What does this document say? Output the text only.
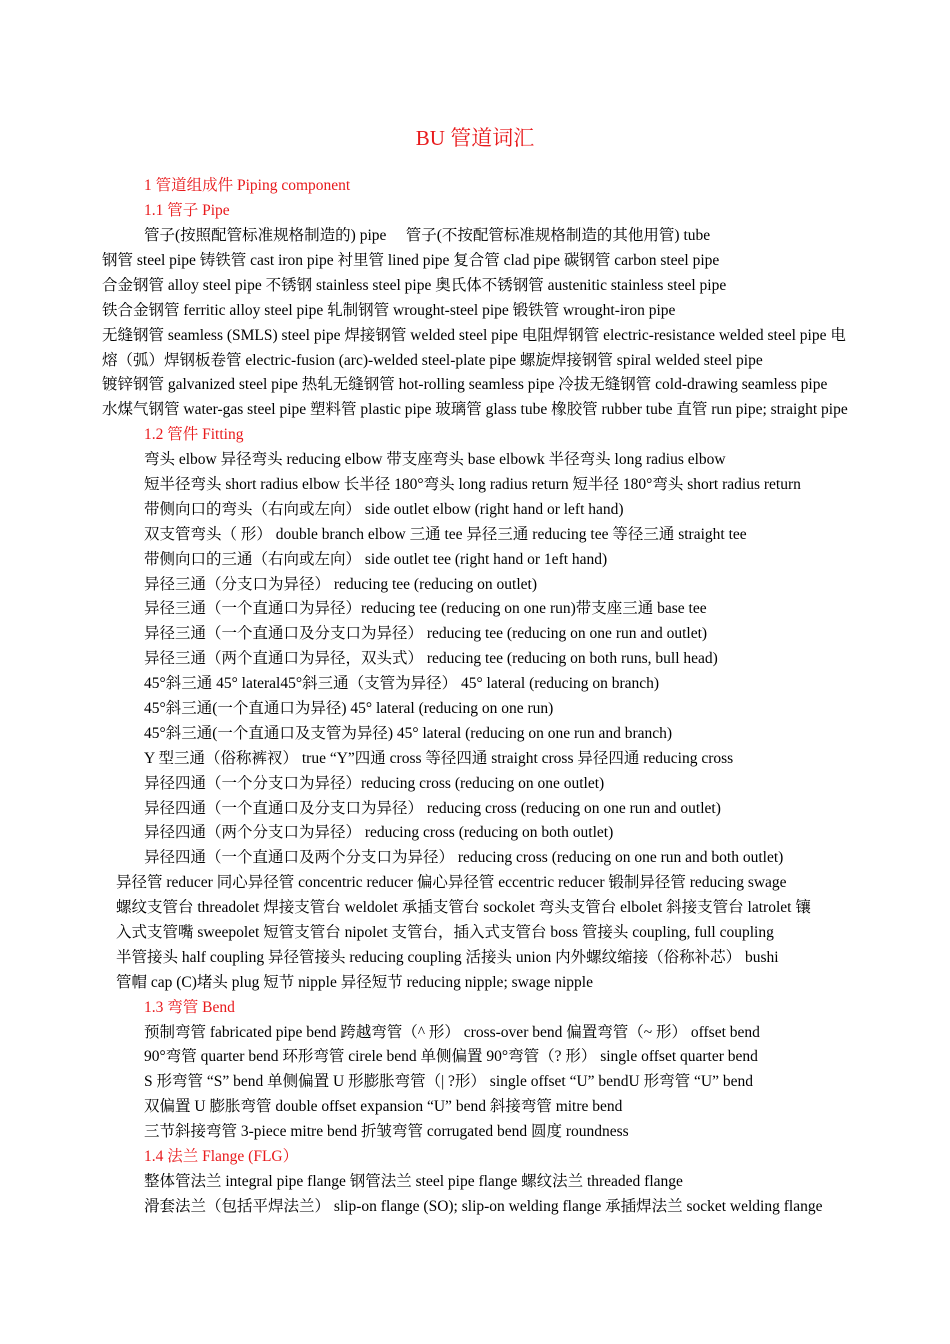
BU 管道词汇
1 管道组成件 Piping component
1.1 管子 Pipe
管子(按照配管标准规格制造的) pipe　 管子(不按配管标准规格制造的其他用管) tube
钢管 steel pipe 铸铁管 cast iron pipe 衬里管 lined pipe 复合管 clad pipe 碳钢管 carbon steel pipe
合金钢管 alloy steel pipe 不锈钢 stainless steel pipe 奥氏体不锈钢管 austenitic stainless steel pipe
铁合金钢管 ferritic alloy steel pipe 轧制钢管 wrought-steel pipe 锻铁管 wrought-iron pipe
无缝钢管 seamless (SMLS) steel pipe 焊接钢管 welded steel pipe 电阻焊钢管 electric-resistance welded steel pipe 电
熔（弧）焊钢板卷管 electric-fusion (arc)-welded steel-plate pipe 螺旋焊接钢管 spiral welded steel pipe
镀锌钢管 galvanized steel pipe 热轧无缝钢管 hot-rolling seamless pipe 冷拔无缝钢管 cold-drawing seamless pipe
水煤气钢管 water-gas steel pipe 塑料管 plastic pipe 玻璃管 glass tube 橡胶管 rubber tube 直管 run pipe; straight pipe
1.2 管件 Fitting
弯头 elbow 异径弯头 reducing elbow 带支座弯头 base elbowk 半径弯头 long radius elbow
短半径弯头 short radius elbow 长半径 180°弯头 long radius return 短半径 180°弯头 short radius return
带侧向口的弯头（右向或左向） side outlet elbow (right hand or left hand)
双支管弯头（ 形） double branch elbow 三通 tee 异径三通 reducing tee 等径三通 straight tee
带侧向口的三通（右向或左向） side outlet tee (right hand or 1eft hand)
异径三通（分支口为异径） reducing tee (reducing on outlet)
异径三通（一个直通口为异径）reducing tee (reducing on one run)带支座三通 base tee
异径三通（一个直通口及分支口为异径） reducing tee (reducing on one run and outlet)
异径三通（两个直通口为异径，双头式） reducing tee (reducing on both runs, bull head)
45°斜三通 45° lateral45°斜三通（支管为异径） 45° lateral (reducing on branch)
45°斜三通(一个直通口为异径) 45° lateral (reducing on one run)
45°斜三通(一个直通口及支管为异径) 45° lateral (reducing on one run and branch)
Y 型三通（俗称裤衩） true “Y”四通 cross 等径四通 straight cross 异径四通 reducing cross
异径四通（一个分支口为异径）reducing cross (reducing on one outlet)
异径四通（一个直通口及分支口为异径） reducing cross (reducing on one run and outlet)
异径四通（两个分支口为异径） reducing cross (reducing on both outlet)
异径四通（一个直通口及两个分支口为异径） reducing cross (reducing on one run and both outlet)
异径管 reducer 同心异径管 concentric reducer 偏心异径管 eccentric reducer 锻制异径管 reducing swage
螺纹支管台 threadolet 焊接支管台 weldolet 承插支管台 sockolet 弯头支管台 elbolet 斜接支管台 latrolet 镶
入式支管嘴 sweepolet 短管支管台 nipolet 支管台，插入式支管台 boss 管接头 coupling, full coupling
半管接头 half coupling 异径管接头 reducing coupling 活接头 union 内外螺纹缩接（俗称补芯） bushi
管帽 cap (C)堵头 plug 短节 nipple 异径短节 reducing nipple; swage nipple
1.3 弯管 Bend
预制弯管 fabricated pipe bend 跨越弯管（^ 形） cross-over bend 偏置弯管（~ 形） offset bend
90°弯管 quarter bend 环形弯管 cirele bend 单侧偏置 90°弯管（? 形） single offset quarter bend
S 形弯管 “S” bend 单侧偏置 U 形膨胀弯管（| ?形） single offset “U” bendU 形弯管 “U” bend
双偏置 U 膨胀弯管 double offset expansion “U” bend 斜接弯管 mitre bend
三节斜接弯管 3-piece mitre bend 折皱弯管 corrugated bend 圆度 roundness
1.4 法兰 Flange (FLG）
整体管法兰 integral pipe flange 钢管法兰 steel pipe flange 螺纹法兰 threaded flange
滑套法兰（包括平焊法兰） slip-on flange (SO); slip-on welding flange 承插焊法兰 socket welding flange
